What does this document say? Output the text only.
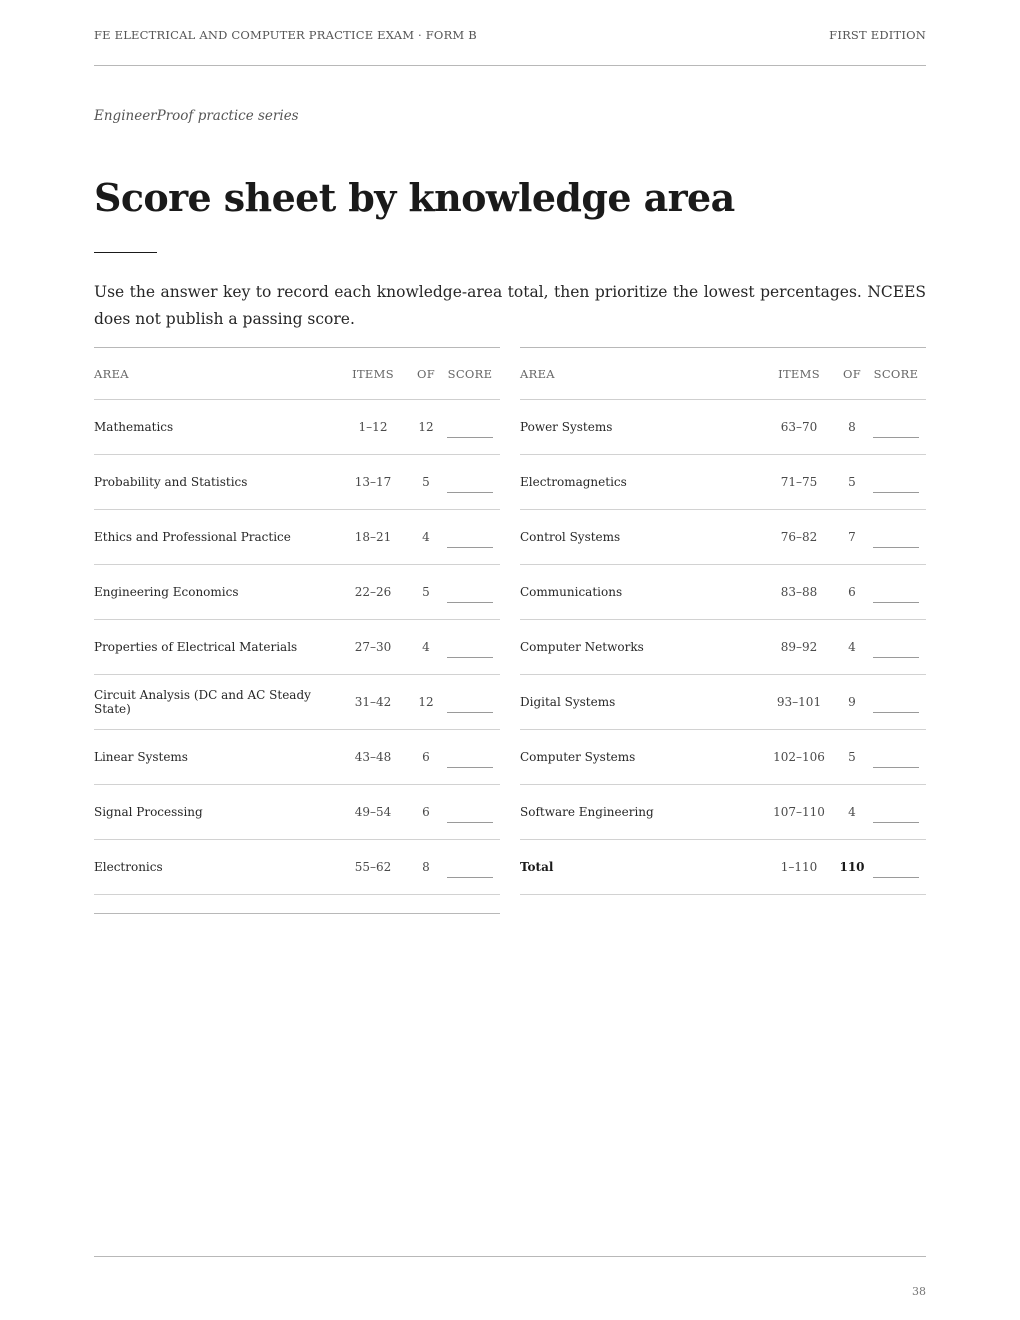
FE ELECTRICAL AND COMPUTER PRACTICE EXAM · FORM B	FIRST EDITION
EngineerProof practice series
Score sheet by knowledge area

Use the answer key to record each knowledge-area total, then prioritize the lowest percentages. NCEES does not publish a passing score.

AREA	ITEMS	OF	SCORE
Mathematics	1–12	12	
Probability and Statistics	13–17	5	
Ethics and Professional Practice	18–21	4	
Engineering Economics	22–26	5	
Properties of Electrical Materials	27–30	4	
Circuit Analysis (DC and AC Steady State)	31–42	12	
Linear Systems	43–48	6	
Signal Processing	49–54	6	
Electronics	55–62	8	
AREA	ITEMS	OF	SCORE
Power Systems	63–70	8	
Electromagnetics	71–75	5	
Control Systems	76–82	7	
Communications	83–88	6	
Computer Networks	89–92	4	
Digital Systems	93–101	9	
Computer Systems	102–106	5	
Software Engineering	107–110	4	
Total	1–110	110	
38
